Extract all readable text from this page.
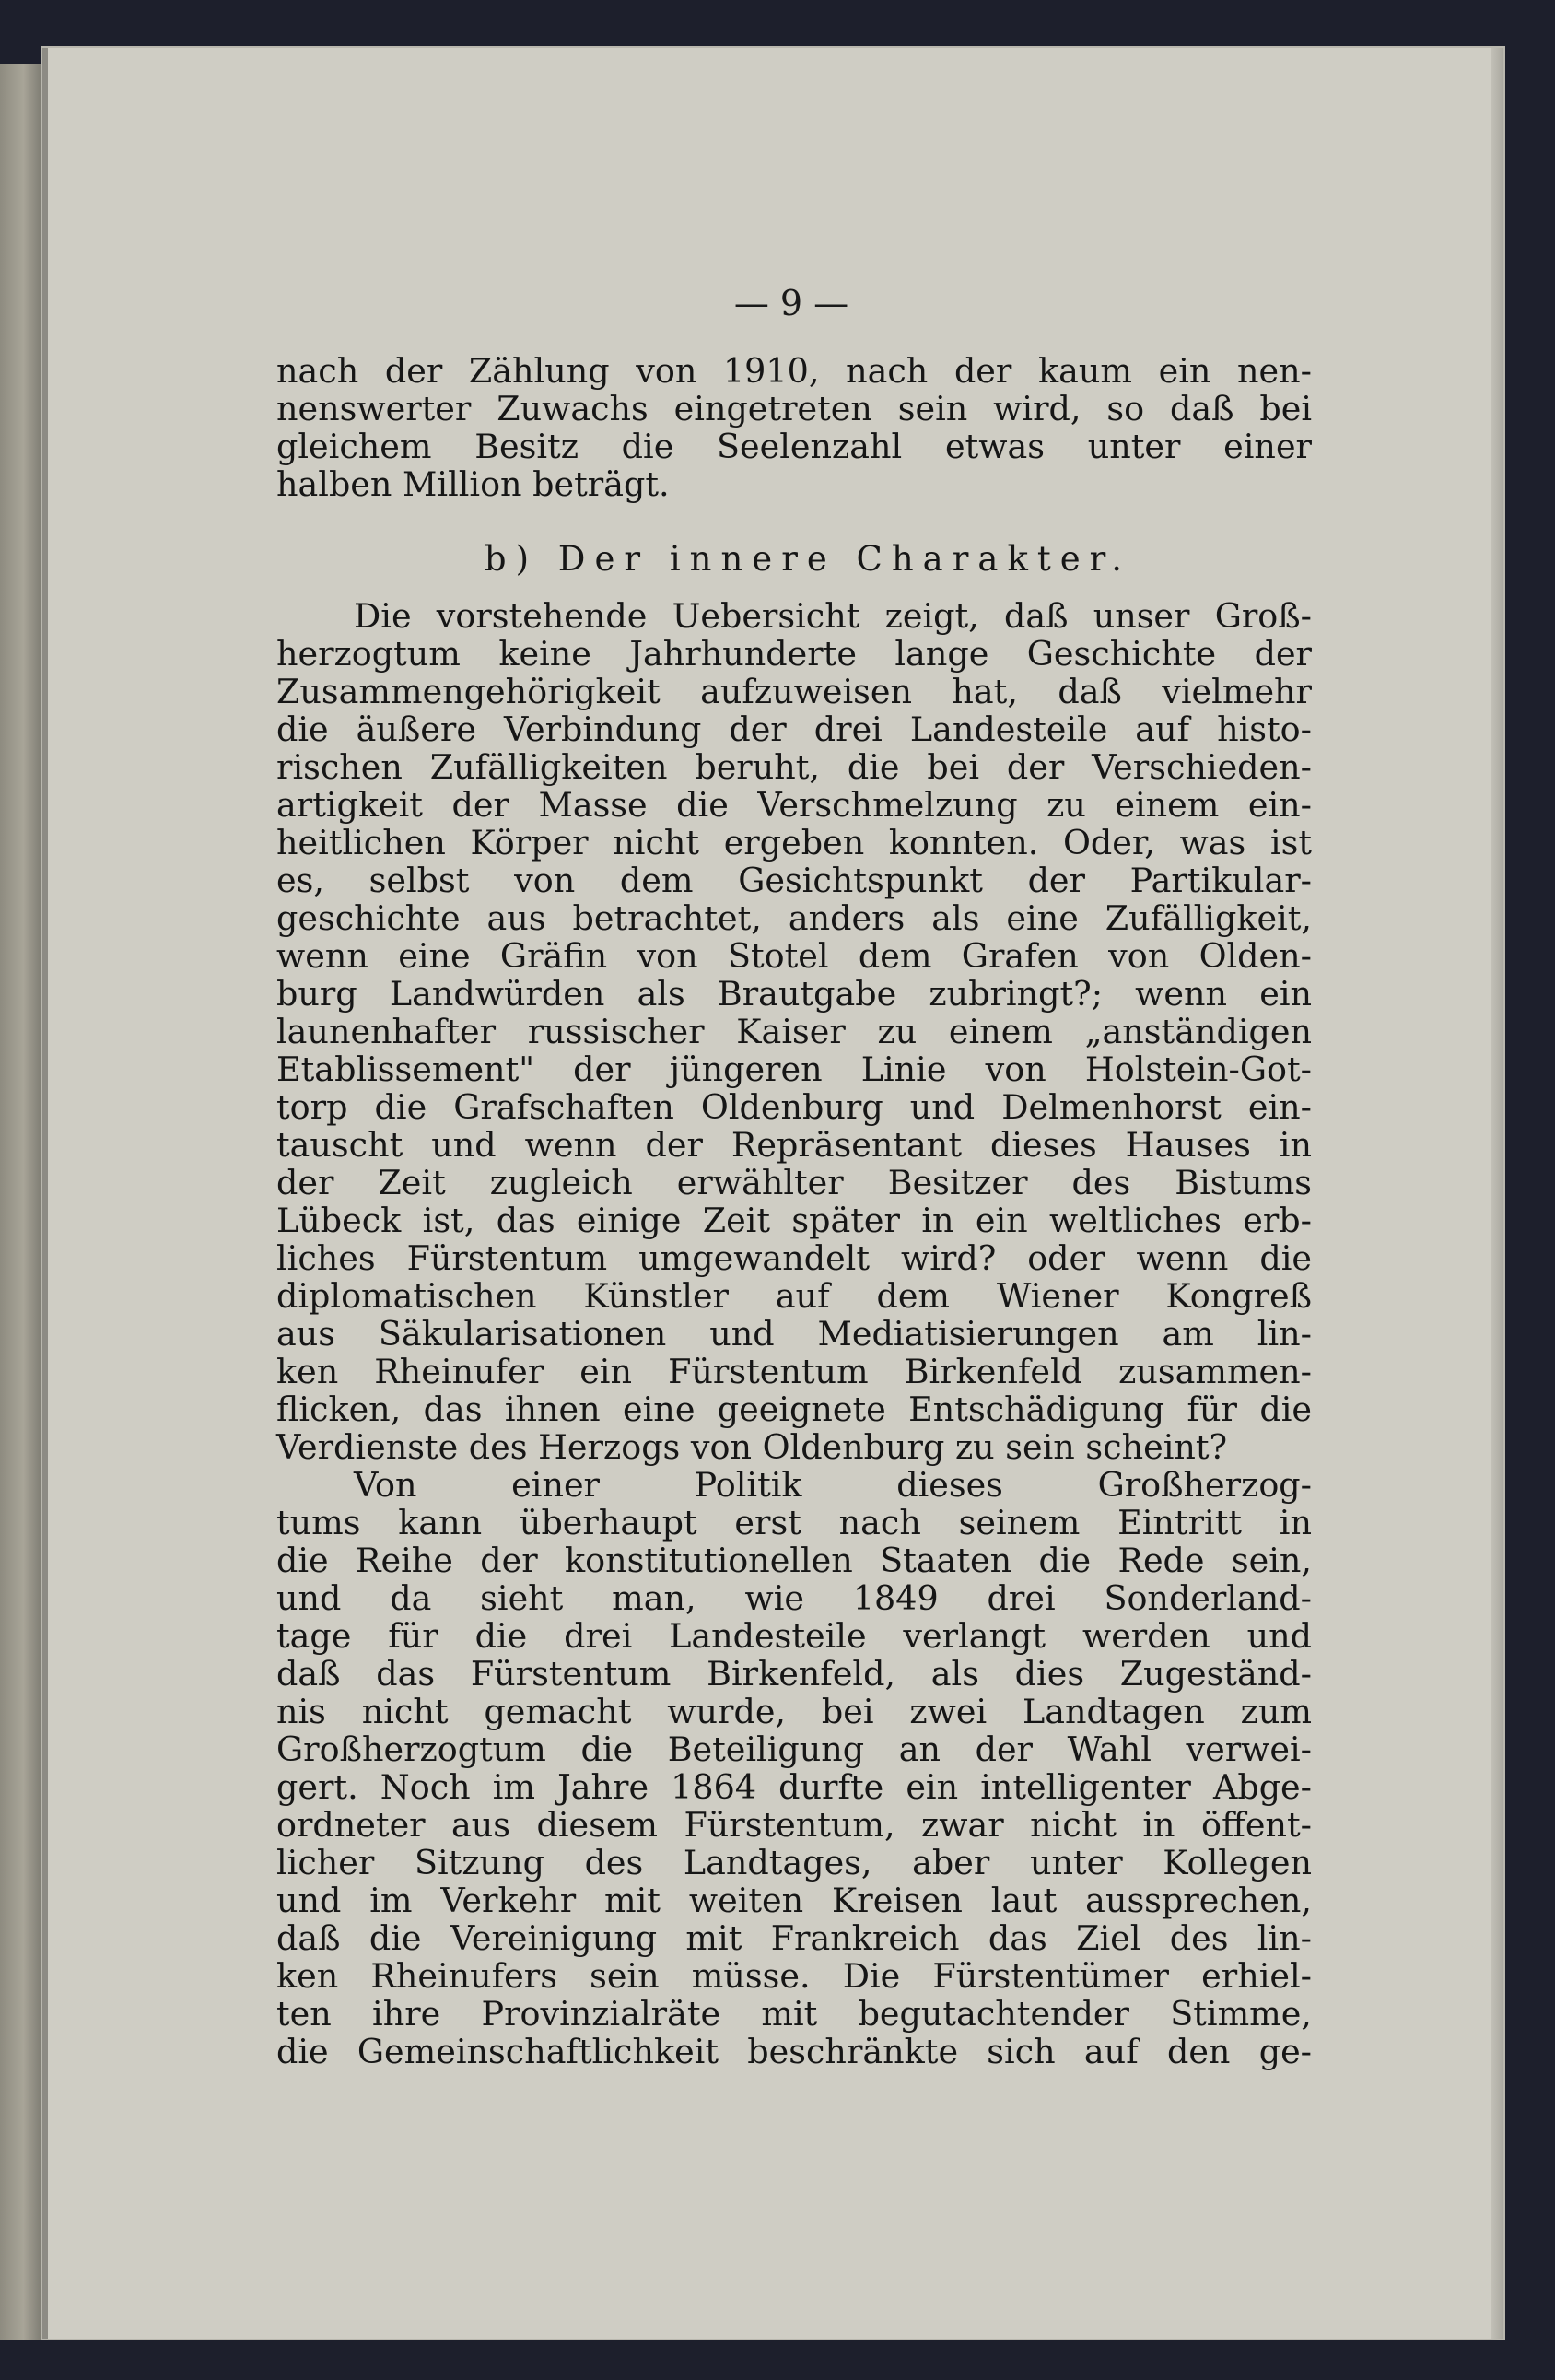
— 9 —
nach der Zählung von 1910, nach der kaum ein nen-
nenswerter Zuwachs eingetreten sein wird, so daß bei
gleichem Besitz die Seelenzahl etwas unter einer
halben Million beträgt.
b) Der innere Charakter.
Die vorstehende Uebersicht zeigt, daß unser Groß-
herzogtum keine Jahrhunderte lange Geschichte der
Zusammengehörigkeit aufzuweisen hat, daß vielmehr
die äußere Verbindung der drei Landesteile auf histo-
rischen Zufälligkeiten beruht, die bei der Verschieden-
artigkeit der Masse die Verschmelzung zu einem ein-
heitlichen Körper nicht ergeben konnten. Oder, was ist
es, selbst von dem Gesichtspunkt der Partikular-
geschichte aus betrachtet, anders als eine Zufälligkeit,
wenn eine Gräfin von Stotel dem Grafen von Olden-
burg Landwürden als Brautgabe zubringt?; wenn ein
launenhafter russischer Kaiser zu einem „anständigen
Etablissement" der jüngeren Linie von Holstein-Got-
torp die Grafschaften Oldenburg und Delmenhorst ein-
tauscht und wenn der Repräsentant dieses Hauses in
der Zeit zugleich erwählter Besitzer des Bistums
Lübeck ist, das einige Zeit später in ein weltliches erb-
liches Fürstentum umgewandelt wird? oder wenn die
diplomatischen Künstler auf dem Wiener Kongreß
aus Säkularisationen und Mediatisierungen am lin-
ken Rheinufer ein Fürstentum Birkenfeld zusammen-
flicken, das ihnen eine geeignete Entschädigung für die
Verdienste des Herzogs von Oldenburg zu sein scheint?
Von einer Politik dieses Großherzog-
tums kann überhaupt erst nach seinem Eintritt in
die Reihe der konstitutionellen Staaten die Rede sein,
und da sieht man, wie 1849 drei Sonderland-
tage für die drei Landesteile verlangt werden und
daß das Fürstentum Birkenfeld, als dies Zugeständ-
nis nicht gemacht wurde, bei zwei Landtagen zum
Großherzogtum die Beteiligung an der Wahl verwei-
gert. Noch im Jahre 1864 durfte ein intelligenter Abge-
ordneter aus diesem Fürstentum, zwar nicht in öffent-
licher Sitzung des Landtages, aber unter Kollegen
und im Verkehr mit weiten Kreisen laut aussprechen,
daß die Vereinigung mit Frankreich das Ziel des lin-
ken Rheinufers sein müsse. Die Fürstentümer erhiel-
ten ihre Provinzialräte mit begutachtender Stimme,
die Gemeinschaftlichkeit beschränkte sich auf den ge-
